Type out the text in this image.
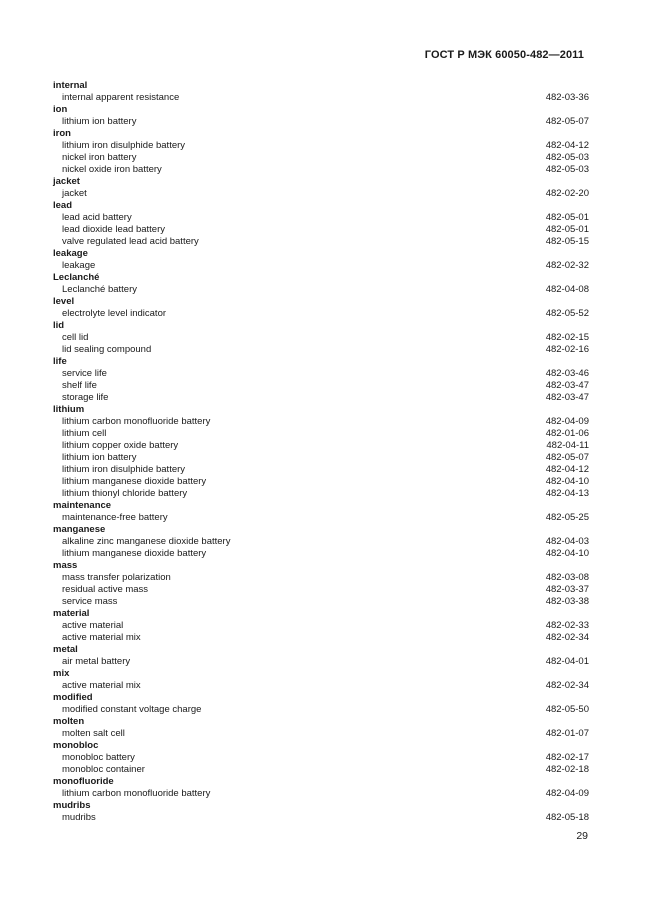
ГОСТ Р МЭК 60050-482—2011
internal
internal apparent resistance	482-03-36
ion
lithium ion battery	482-05-07
iron
lithium iron disulphide battery	482-04-12
nickel iron battery	482-05-03
nickel oxide iron battery	482-05-03
jacket
jacket	482-02-20
lead
lead acid battery	482-05-01
lead dioxide lead battery	482-05-01
valve regulated lead acid battery	482-05-15
leakage
leakage	482-02-32
Leclanché
Leclanché battery	482-04-08
level
electrolyte level indicator	482-05-52
lid
cell lid	482-02-15
lid sealing compound	482-02-16
life
service life	482-03-46
shelf life	482-03-47
storage life	482-03-47
lithium
lithium carbon monofluoride battery	482-04-09
lithium cell	482-01-06
lithium copper oxide battery	482-04-11
lithium ion battery	482-05-07
lithium iron disulphide battery	482-04-12
lithium manganese dioxide battery	482-04-10
lithium thionyl chloride battery	482-04-13
maintenance
maintenance-free battery	482-05-25
manganese
alkaline zinc manganese dioxide battery	482-04-03
lithium manganese dioxide battery	482-04-10
mass
mass transfer polarization	482-03-08
residual active mass	482-03-37
service mass	482-03-38
material
active material	482-02-33
active material mix	482-02-34
metal
air metal battery	482-04-01
mix
active material mix	482-02-34
modified
modified constant voltage charge	482-05-50
molten
molten salt cell	482-01-07
monobloc
monobloc battery	482-02-17
monobloc container	482-02-18
monofluoride
lithium carbon monofluoride battery	482-04-09
mudribs
mudribs	482-05-18
29
